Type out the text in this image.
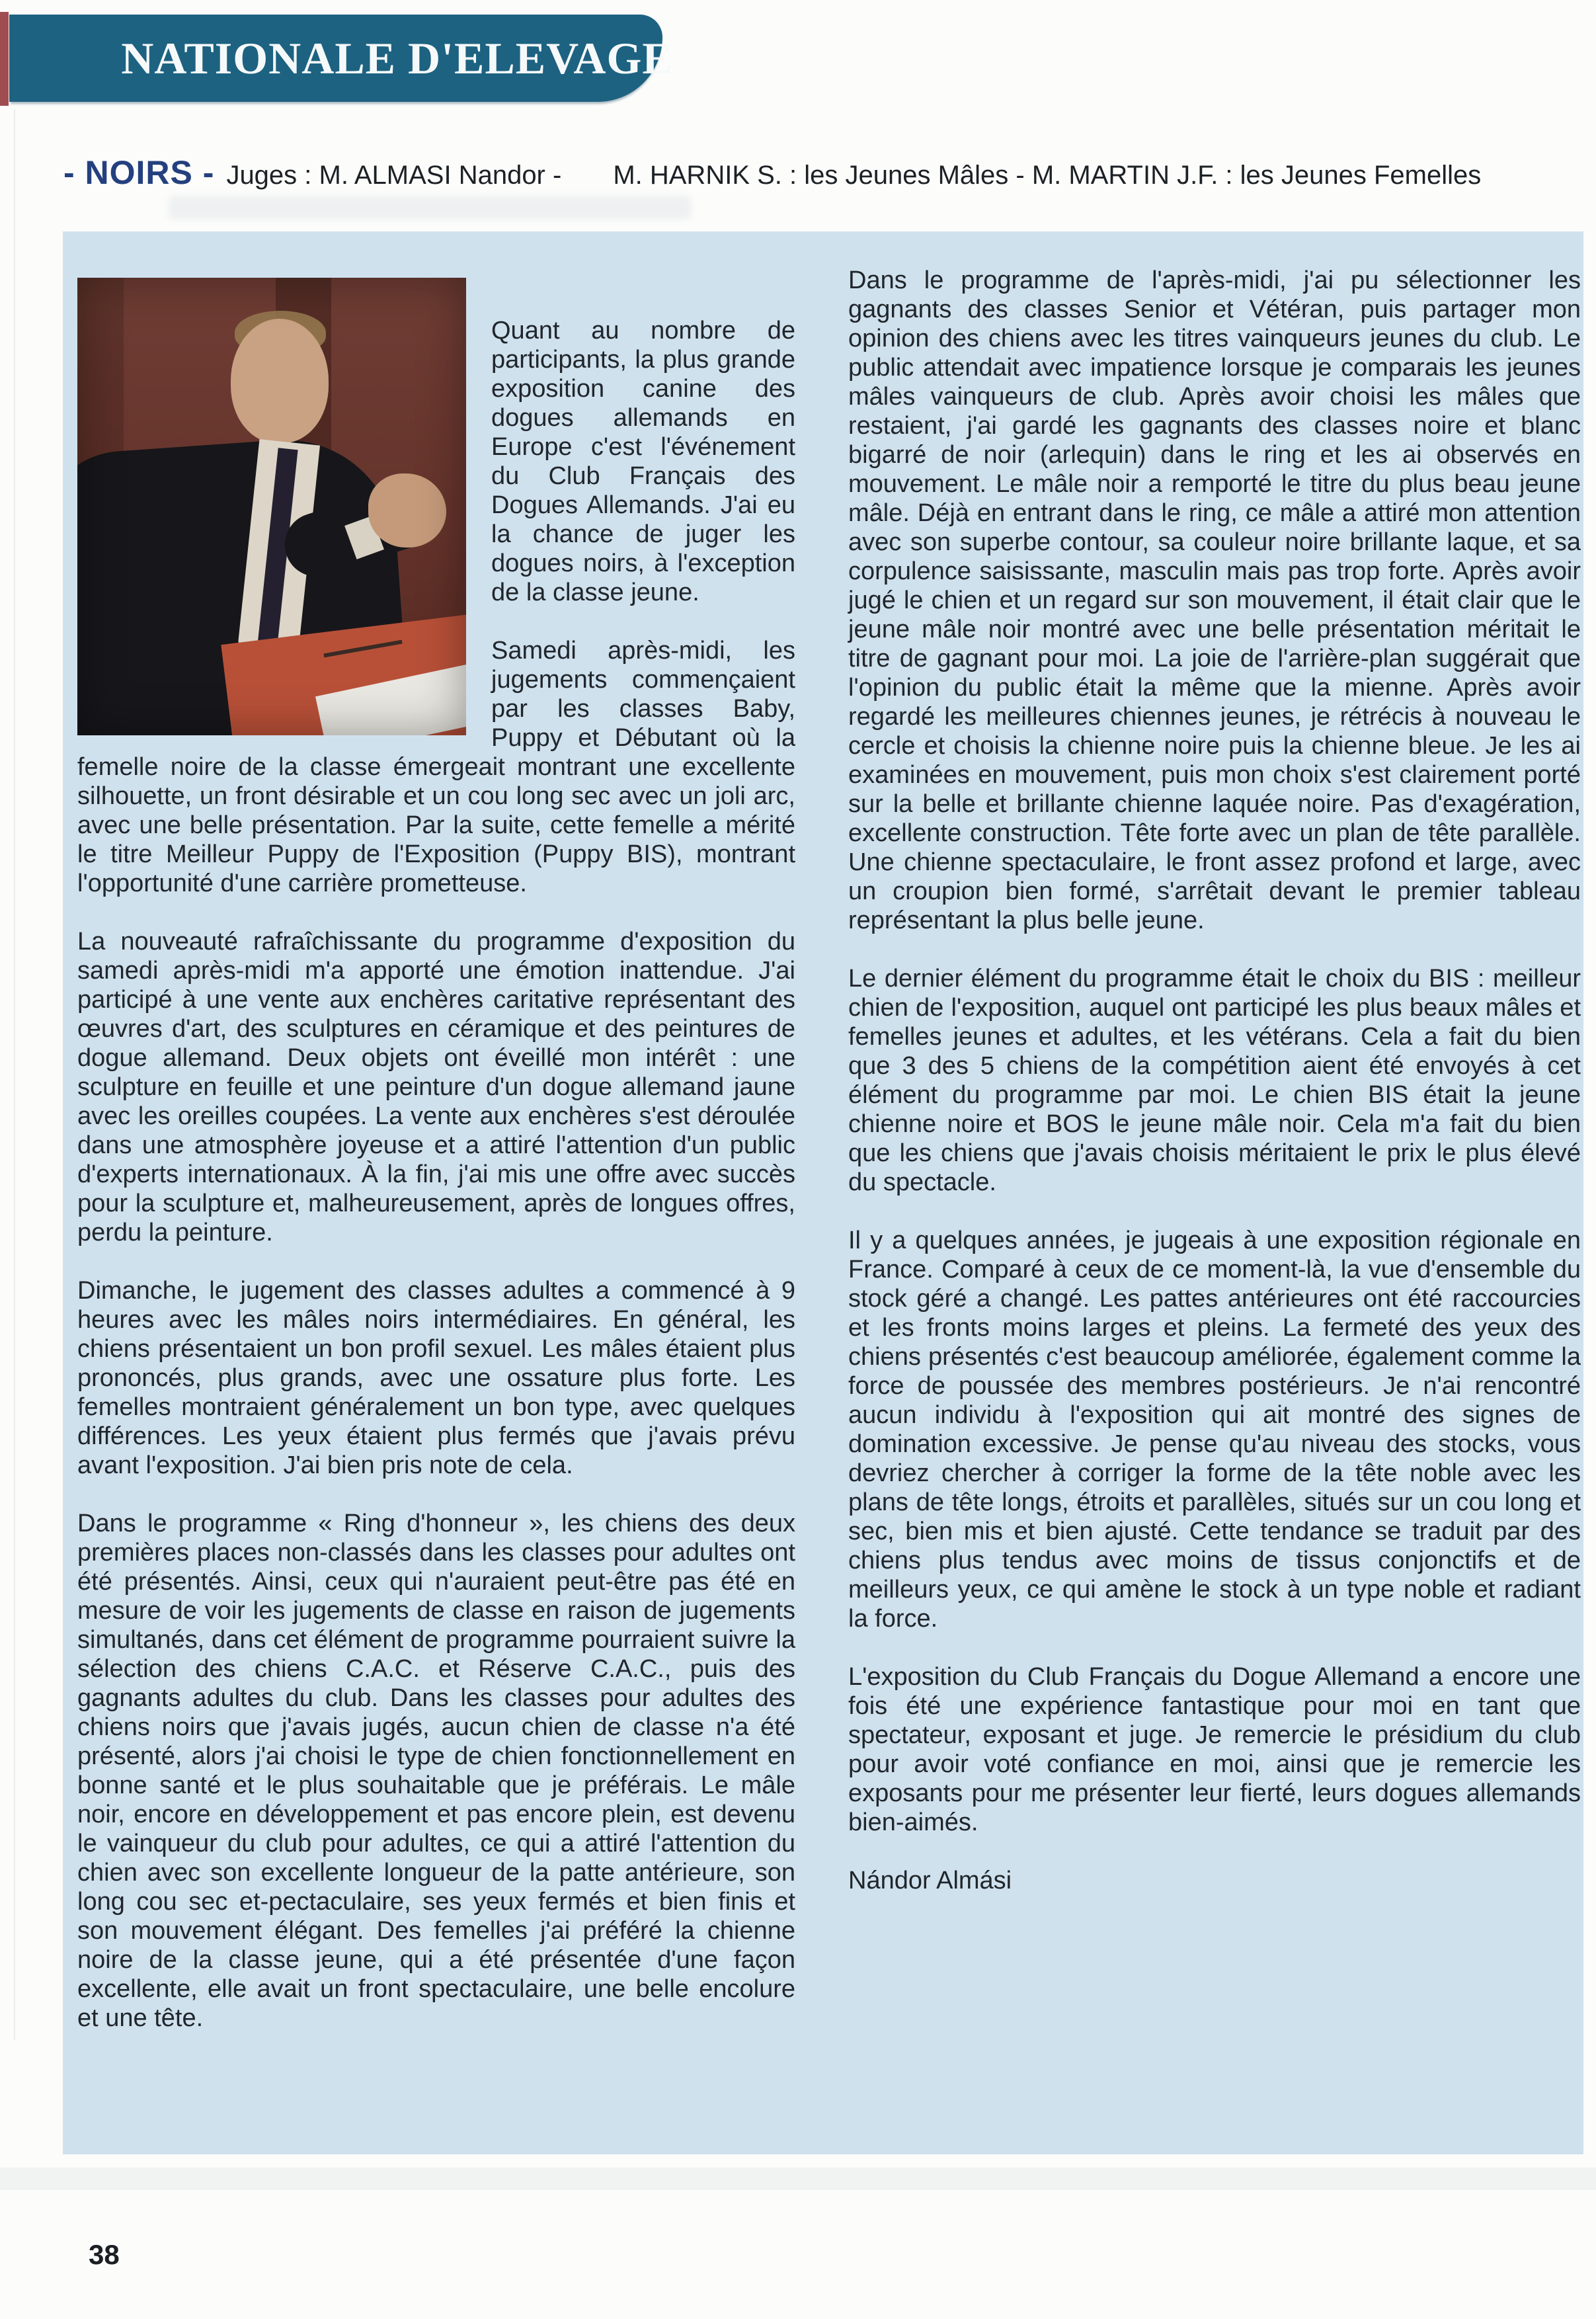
NATIONALE D'ELEVAGE
- NOIRS - Juges : M. ALMASI Nandor - M. HARNIK S. : les Jeunes Mâles - M. MARTIN J.F. : les Jeunes Femelles

Quant au nombre de participants, la plus grande exposition canine des dogues allemands en Europe c'est l'événement du Club Français des Dogues Allemands. J'ai eu la chance de juger les dogues noirs, à l'exception de la classe jeune.

Samedi après-midi, les jugements commençaient par les classes Baby, Puppy et Débutant où la femelle noire de la classe émergeait montrant une excellente silhouette, un front désirable et un cou long sec avec un joli arc, avec une belle présentation. Par la suite, cette femelle a mérité le titre Meilleur Puppy de l'Exposition (Puppy BIS), montrant l'opportunité d'une carrière prometteuse.

La nouveauté rafraîchissante du programme d'exposition du samedi après-midi m'a apporté une émotion inattendue. J'ai participé à une vente aux enchères caritative représentant des œuvres d'art, des sculptures en céramique et des peintures de dogue allemand. Deux objets ont éveillé mon intérêt : une sculpture en feuille et une peinture d'un dogue allemand jaune avec les oreilles coupées. La vente aux enchères s'est déroulée dans une atmosphère joyeuse et a attiré l'attention d'un public d'experts internationaux. À la fin, j'ai mis une offre avec succès pour la sculpture et, malheureusement, après de longues offres, perdu la peinture.

Dimanche, le jugement des classes adultes a commencé à 9 heures avec les mâles noirs intermédiaires. En général, les chiens présentaient un bon profil sexuel. Les mâles étaient plus prononcés, plus grands, avec une ossature plus forte. Les femelles montraient généralement un bon type, avec quelques différences. Les yeux étaient plus fermés que j'avais prévu avant l'exposition. J'ai bien pris note de cela.

Dans le programme « Ring d'honneur », les chiens des deux premières places non-classés dans les classes pour adultes ont été présentés. Ainsi, ceux qui n'auraient peut-être pas été en mesure de voir les jugements de classe en raison de jugements simultanés, dans cet élément de programme pourraient suivre la sélection des chiens C.A.C. et Réserve C.A.C., puis des gagnants adultes du club. Dans les classes pour adultes des chiens noirs que j'avais jugés, aucun chien de classe n'a été présenté, alors j'ai choisi le type de chien fonctionnellement en bonne santé et le plus souhaitable que je préférais. Le mâle noir, encore en développement et pas encore plein, est devenu le vainqueur du club pour adultes, ce qui a attiré l'attention du chien avec son excellente longueur de la patte antérieure, son long cou sec et-pectaculaire, ses yeux fermés et bien finis et son mouvement élégant. Des femelles j'ai préféré la chienne noire de la classe jeune, qui a été présentée d'une façon excellente, elle avait un front spectaculaire, une belle encolure et une tête.

Dans le programme de l'après-midi, j'ai pu sélectionner les gagnants des classes Senior et Vétéran, puis partager mon opinion des chiens avec les titres vainqueurs jeunes du club. Le public attendait avec impatience lorsque je comparais les jeunes mâles vainqueurs de club. Après avoir choisi les mâles que restaient, j'ai gardé les gagnants des classes noire et blanc bigarré de noir (arlequin) dans le ring et les ai observés en mouvement. Le mâle noir a remporté le titre du plus beau jeune mâle. Déjà en entrant dans le ring, ce mâle a attiré mon attention avec son superbe contour, sa couleur noire brillante laque, et sa corpulence saisissante, masculin mais pas trop forte. Après avoir jugé le chien et un regard sur son mouvement, il était clair que le jeune mâle noir montré avec une belle présentation méritait le titre de gagnant pour moi. La joie de l'arrière-plan suggérait que l'opinion du public était la même que la mienne. Après avoir regardé les meilleures chiennes jeunes, je rétrécis à nouveau le cercle et choisis la chienne noire puis la chienne bleue. Je les ai examinées en mouvement, puis mon choix s'est clairement porté sur la belle et brillante chienne laquée noire. Pas d'exagération, excellente construction. Tête forte avec un plan de tête parallèle. Une chienne spectaculaire, le front assez profond et large, avec un croupion bien formé, s'arrêtait devant le premier tableau représentant la plus belle jeune.

Le dernier élément du programme était le choix du BIS : meilleur chien de l'exposition, auquel ont participé les plus beaux mâles et femelles jeunes et adultes, et les vétérans. Cela a fait du bien que 3 des 5 chiens de la compétition aient été envoyés à cet élément du programme par moi. Le chien BIS était la jeune chienne noire et BOS le jeune mâle noir. Cela m'a fait du bien que les chiens que j'avais choisis méritaient le prix le plus élevé du spectacle.

Il y a quelques années, je jugeais à une exposition régionale en France. Comparé à ceux de ce moment-là, la vue d'ensemble du stock géré a changé. Les pattes antérieures ont été raccourcies et les fronts moins larges et pleins. La fermeté des yeux des chiens présentés c'est beaucoup améliorée, également comme la force de poussée des membres postérieurs. Je n'ai rencontré aucun individu à l'exposition qui ait montré des signes de domination excessive. Je pense qu'au niveau des stocks, vous devriez chercher à corriger la forme de la tête noble avec les plans de tête longs, étroits et parallèles, situés sur un cou long et sec, bien mis et bien ajusté. Cette tendance se traduit par des chiens plus tendus avec moins de tissus conjonctifs et de meilleurs yeux, ce qui amène le stock à un type noble et radiant la force.

L'exposition du Club Français du Dogue Allemand a encore une fois été une expérience fantastique pour moi en tant que spectateur, exposant et juge. Je remercie le présidium du club pour avoir voté confiance en moi, ainsi que je remercie les exposants pour me présenter leur fierté, leurs dogues allemands bien-aimés.

Nándor Almási

38
